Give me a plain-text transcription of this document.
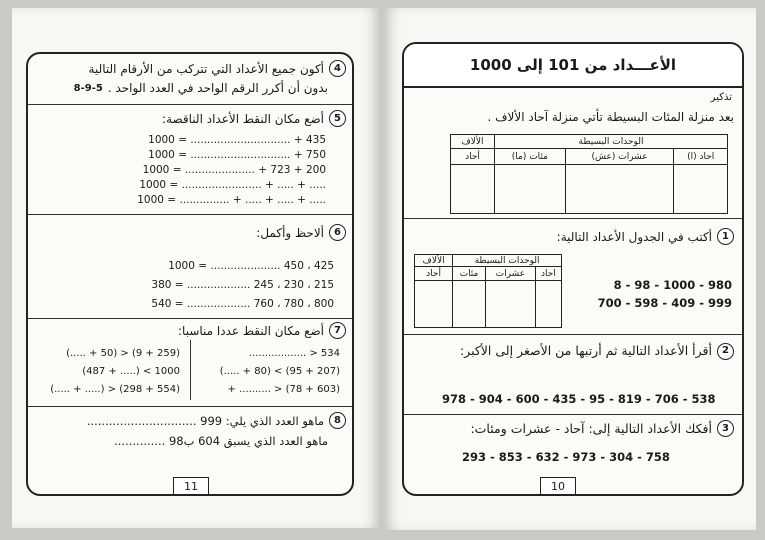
4
أكون جميع الأعداد التي تتركب من الأرقام التالية
بدون أن أكرر الرقم الواحد في العدد الواحد .
8-9-5
5
أضع مكان النقط الأعداد الناقصة:
435 + .............................. = 1000
750 + .............................. = 1000
200 + 723 + ..................... = 1000
..... + ..... + ........................ = 1000
..... + ..... + ..... + ............... = 1000
6
ألاحظ وأكمل:
425 ، 450 ..................... = 1000
215 ، 230 ، 245 ................... = 380
800 ، 780 ، 760 ................... = 540
7
أضع مكان النقط عددا مناسبا:
534 < ..................
(207 + 95) > (80 + .....)
(603 + 78) < .......... +
(259 + 9) < (50 + .....)
1000 > (..... + 487)
(554 + 298) < (..... + .....)
8
ماهو العدد الذي يلي: 999 ..............................
ماهو العدد الذي يسبق 604 ب98 ..............
11
الأعـــداد من 101 إلى 1000
تذكير
بعد منزلة المئات البسيطة تأتي منزلة آحاد الألاف .
الوحدات البسيطة			الألاف
احاد (ا)	عشرات (عش)	مئات (ما)	أحاد

1
أكتب في الجدول الأعداد التالية:
الوحدات البسيطة			الألاف
احاد	عشرات	مئات	أحاد

8 - 98 - 1000 - 980
700 - 598 - 409 - 999
2
أقرأ الأعداد التالية ثم أرتبها من الأصغر إلى الأكبر:
978 - 904 - 600 - 435 - 95 - 819 - 706 - 538
3
أفكك الأعداد التالية إلى: آحاد - عشرات ومئات:
293 - 853 - 632 - 973 - 304 - 758
10
